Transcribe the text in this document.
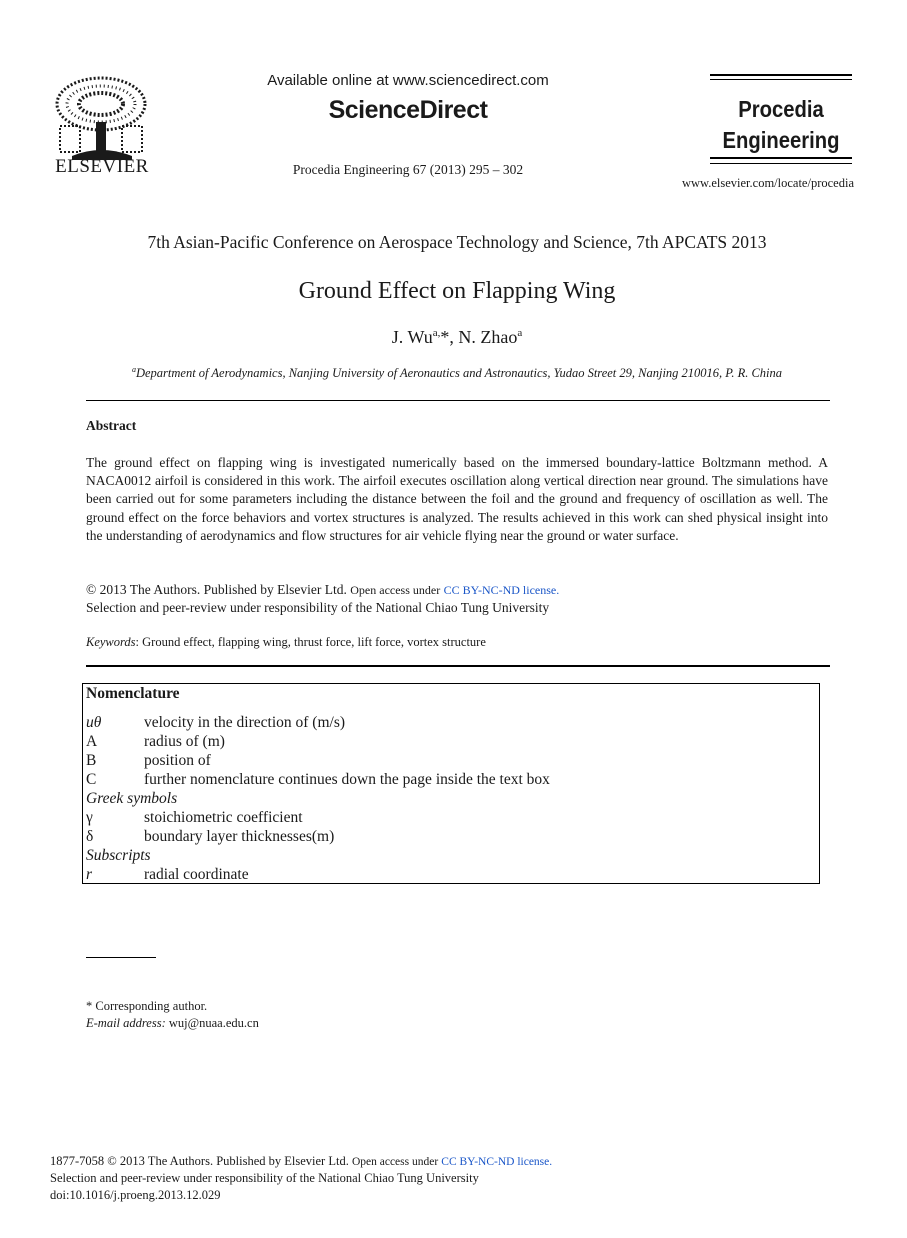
ELSEVIER
Available online at www.sciencedirect.com
ScienceDirect
Procedia Engineering 67 (2013) 295 – 302
Procedia
Engineering
www.elsevier.com/locate/procedia
7th Asian-Pacific Conference on Aerospace Technology and Science, 7th APCATS 2013
Ground Effect on Flapping Wing
J. $Wu^{a,}*$, N. Zhao$^a$
$^a$Department of Aerodynamics, Nanjing University of Aeronautics and Astronautics, Yudao Street 29, Nanjing 210016, P. R. China
Abstract
The ground effect on flapping wing is investigated numerically based on the immersed boundary-lattice Boltzmann method. A NACA0012 airfoil is considered in this work. The airfoil executes oscillation along vertical direction near ground. The simulations have been carried out for some parameters including the distance between the foil and the ground and frequency of oscillation as well. The ground effect on the force behaviors and vortex structures is analyzed. The results achieved in this work can shed physical insight into the understanding of aerodynamics and flow structures for air vehicle flying near the ground or water surface.
© 2013 The Authors. Published by Elsevier Ltd. Open access under CC BY-NC-ND license.
Selection and peer-review under responsibility of the National Chiao Tung University
Keywords: Ground effect, flapping wing, thrust force, lift force, vortex structure
Nomenclature
uθ	velocity in the direction of (m/s)
A	radius of (m)
B	position of
C	further nomenclature continues down the page inside the text box
Greek symbols
γ	stoichiometric coefficient
δ	boundary layer thicknesses(m)
Subscripts
r	radial coordinate
* Corresponding author.
E-mail address: wuj@nuaa.edu.cn
1877-7058 © 2013 The Authors. Published by Elsevier Ltd. Open access under CC BY-NC-ND license.
Selection and peer-review under responsibility of the National Chiao Tung University
doi:10.1016/j.proeng.2013.12.029
